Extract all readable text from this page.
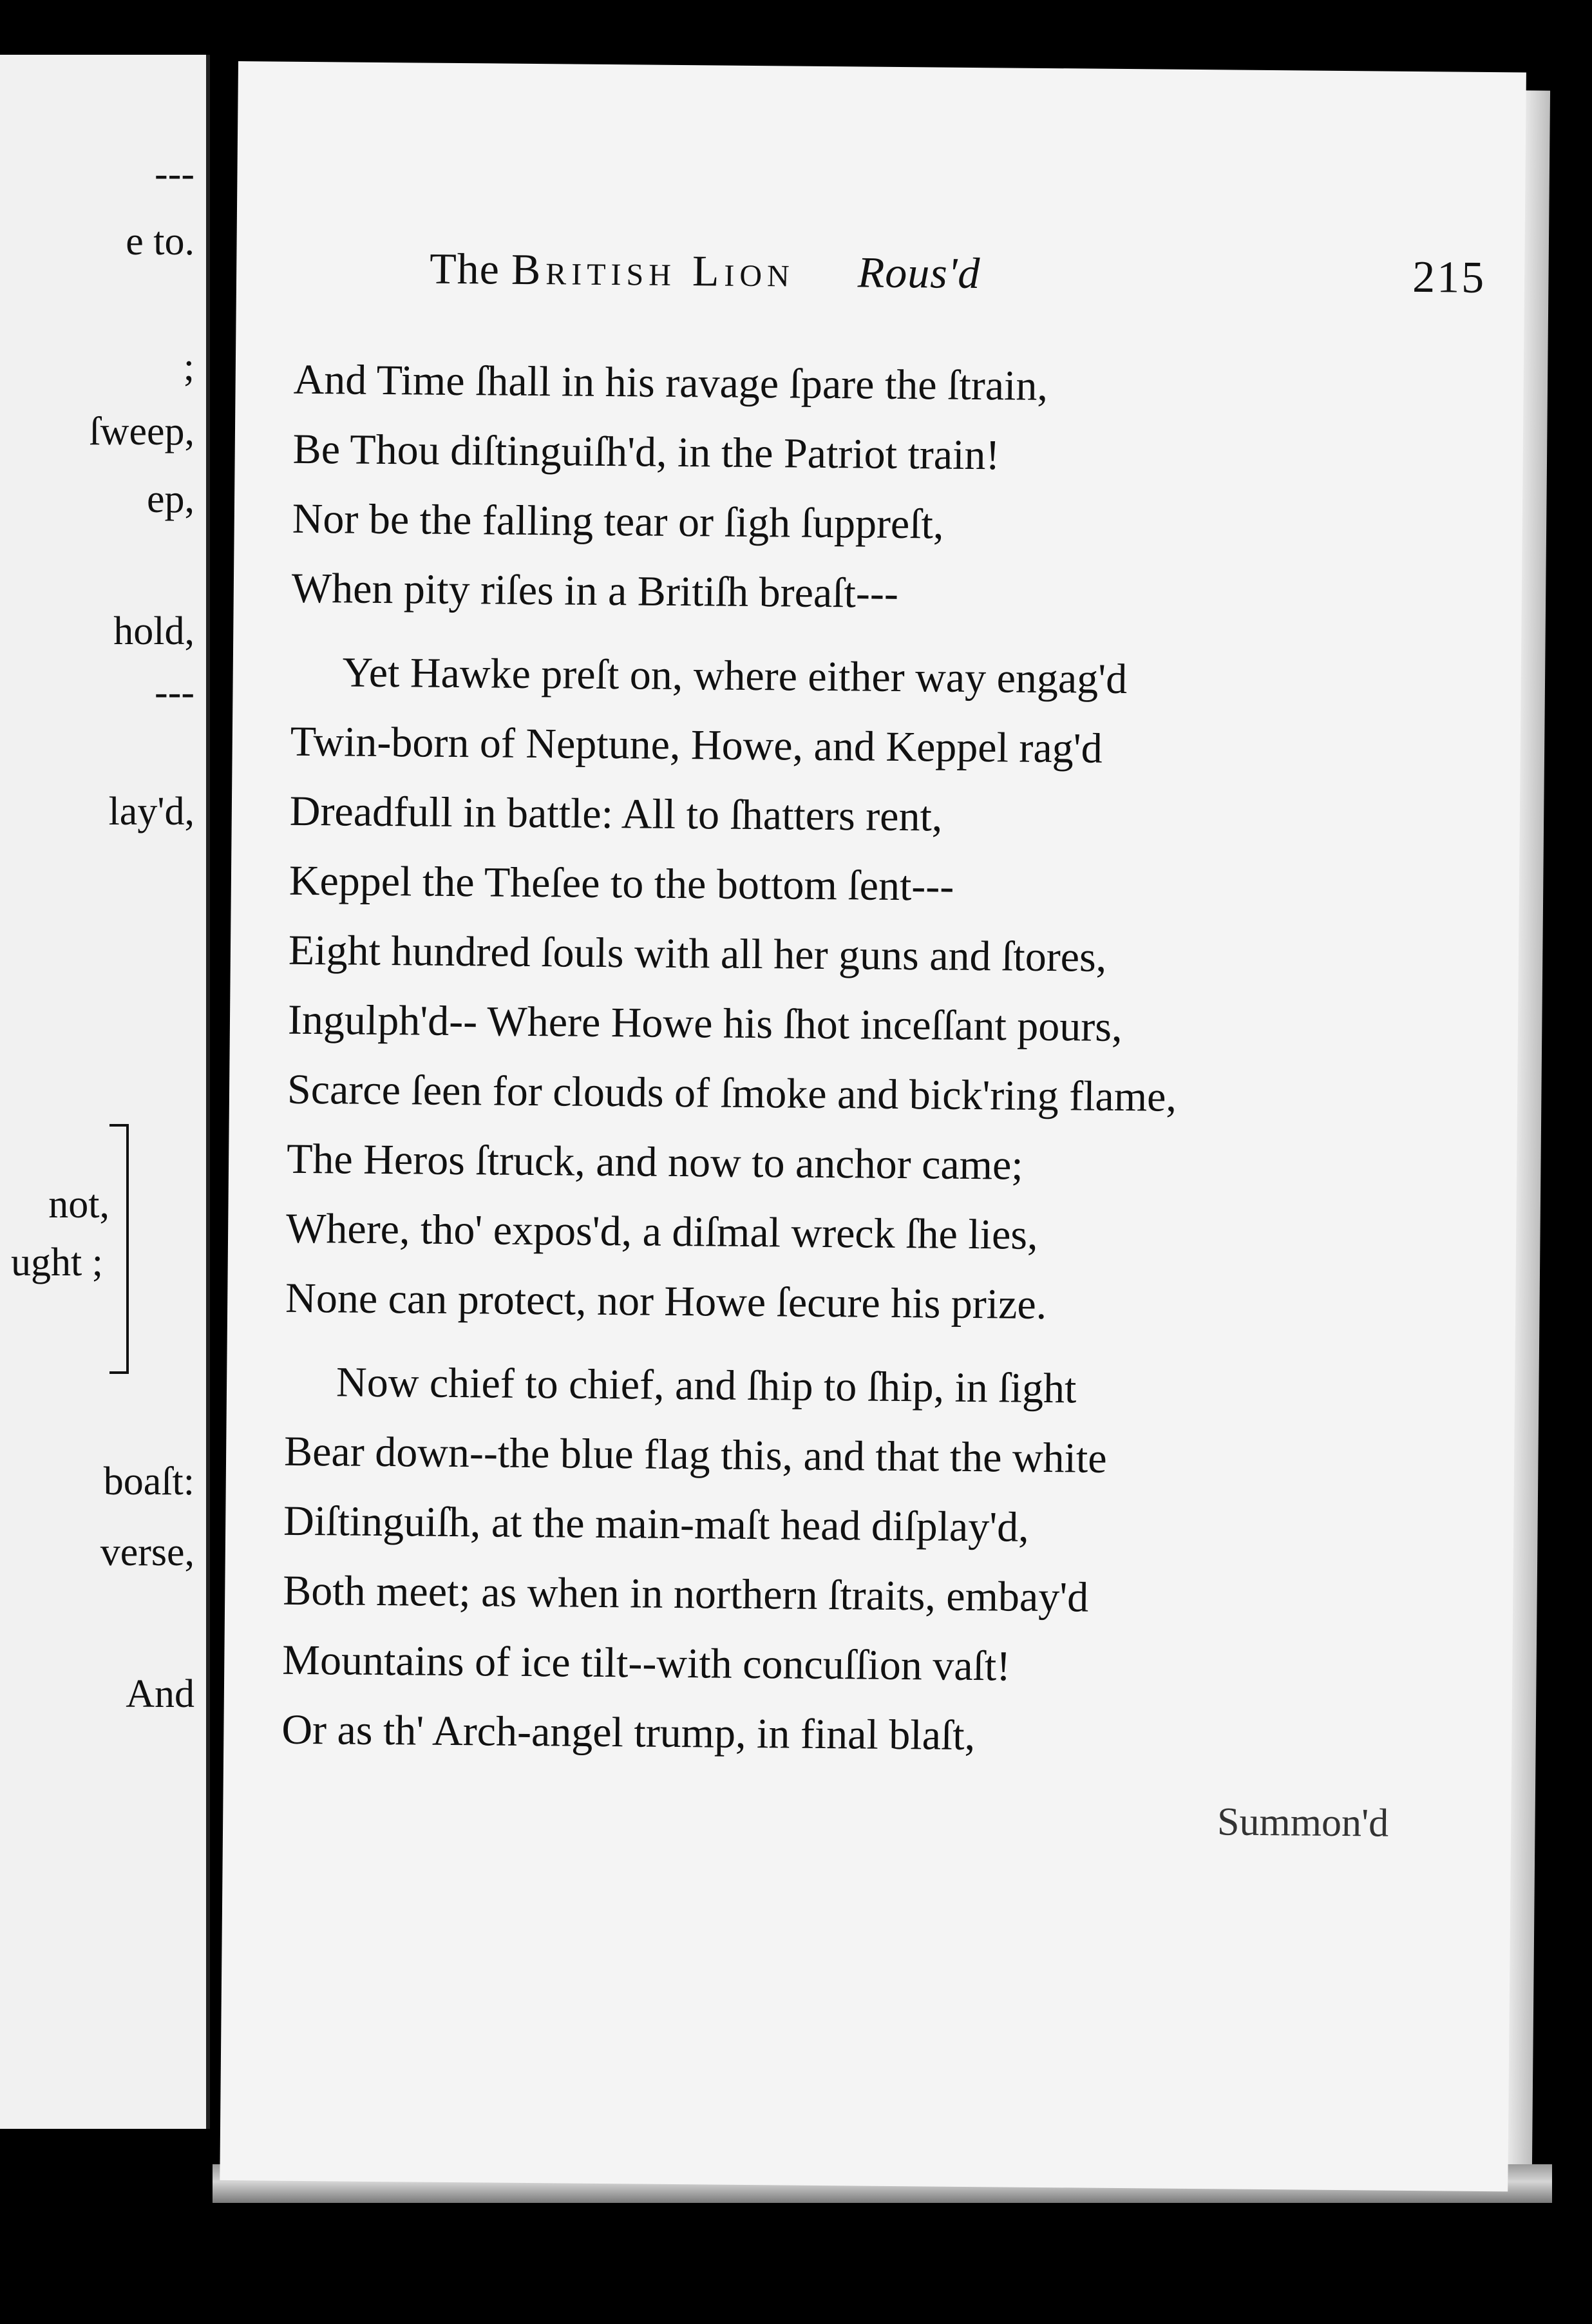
---
e to.
;
ſweep,
ep,
hold,
---
lay'd,
not,
ught ;
boaſt:
verse,
And
The British Lion Rous'd	215
And Time ſhall in his ravage ſpare the ſtrain,
Be Thou diſtinguiſh'd, in the Patriot train!
Nor be the falling tear or ſigh ſuppreſt,
When pity riſes in a Britiſh breaſt---
Yet Hawke preſt on, where either way engag'd
Twin-born of Neptune, Howe, and Keppel rag'd
Dreadfull in battle: All to ſhatters rent,
Keppel the Theſee to the bottom ſent---
Eight hundred ſouls with all her guns and ſtores,
Ingulph'd-- Where Howe his ſhot inceſſant pours,
Scarce ſeen for clouds of ſmoke and bick'ring flame,
The Heros ſtruck, and now to anchor came;
Where, tho' expos'd, a diſmal wreck ſhe lies,
None can protect, nor Howe ſecure his prize.
Now chief to chief, and ſhip to ſhip, in ſight
Bear down--the blue flag this, and that the white
Diſtinguiſh, at the main-maſt head diſplay'd,
Both meet; as when in northern ſtraits, embay'd
Mountains of ice tilt--with concuſſion vaſt!
Or as th' Arch-angel trump, in final blaſt,
Summon'd
